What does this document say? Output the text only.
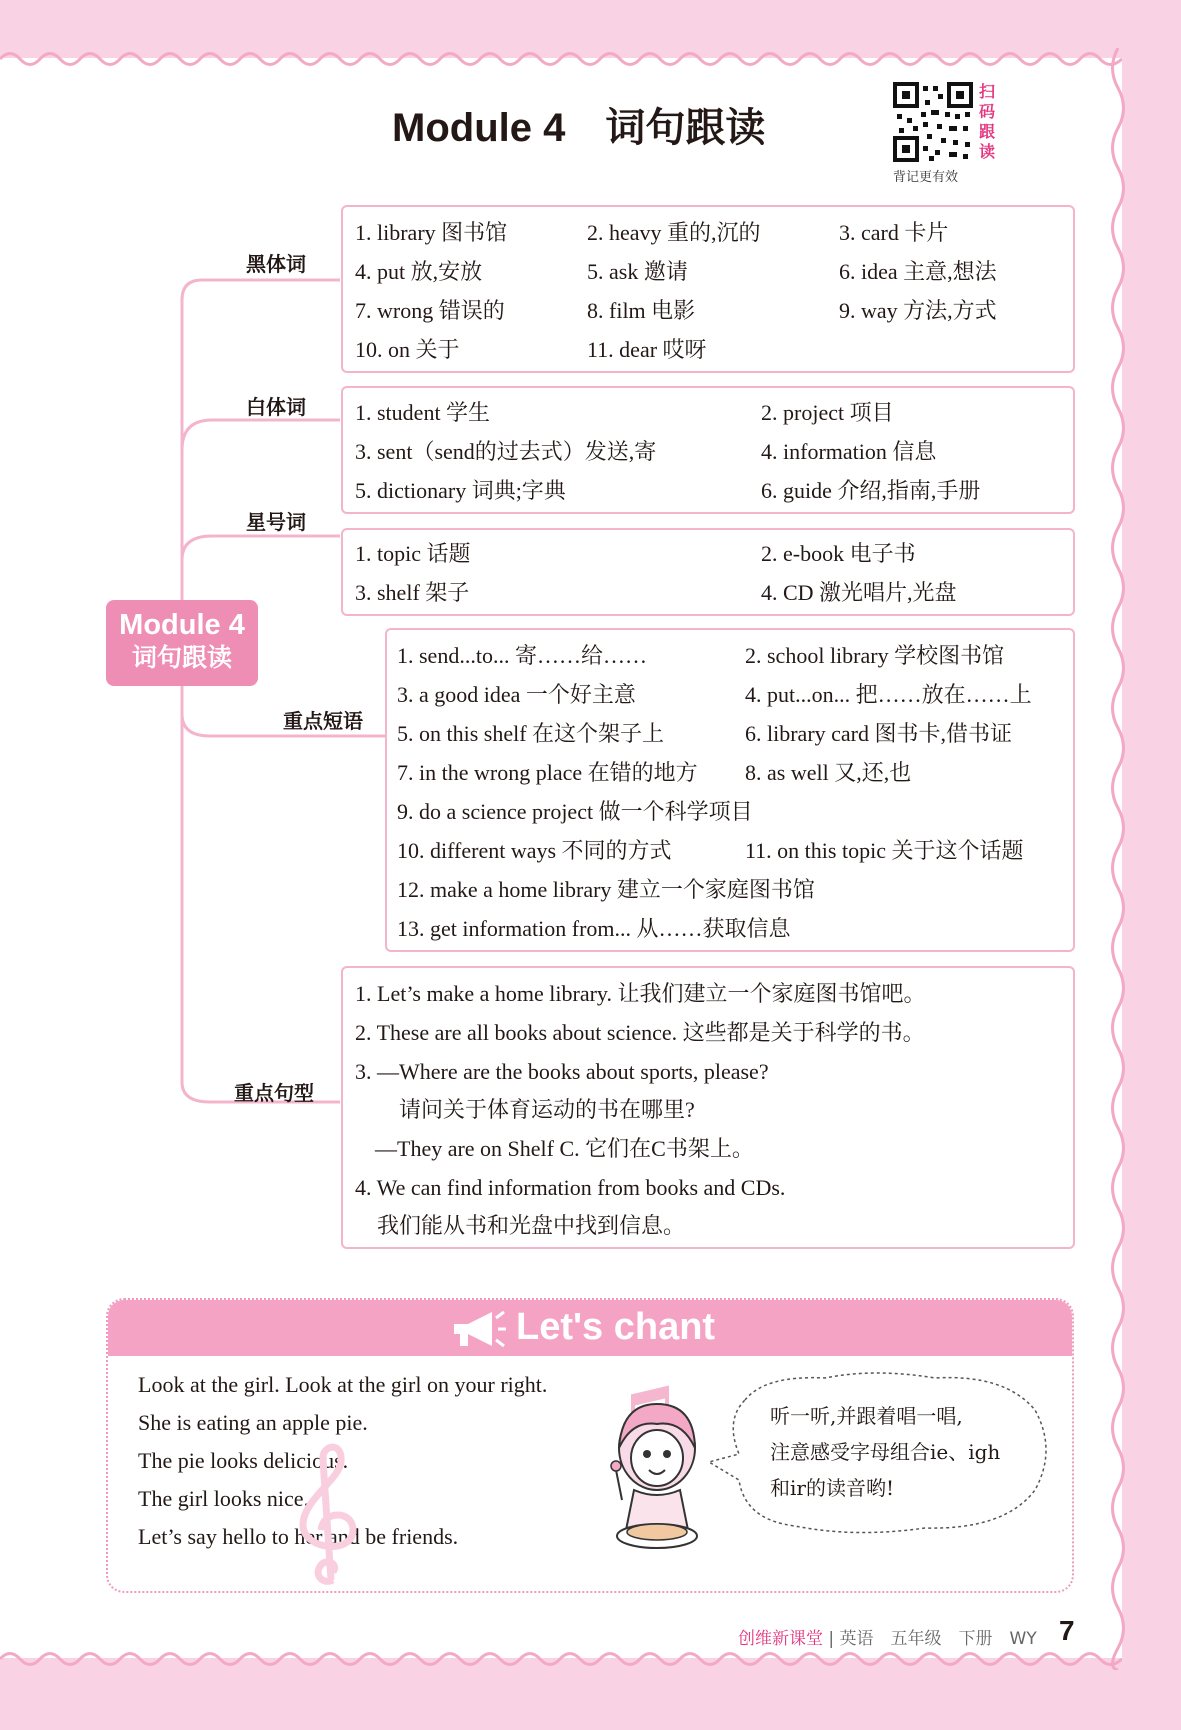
Module 4　词句跟读
扫
码
跟
读
背记更有效
Module 4
词句跟读
黑体词
白体词
星号词
重点短语
重点句型
1. library 图书馆	2. heavy 重的,沉的	3. card 卡片
4. put 放,安放	5. ask 邀请	6. idea 主意,想法
7. wrong 错误的	8. film 电影	9. way 方法,方式
10. on 关于	11. dear 哎呀
1. student 学生	2. project 项目
3. sent（send的过去式）发送,寄	4. information 信息
5. dictionary 词典;字典	6. guide 介绍,指南,手册
1. topic 话题	2. e-book 电子书
3. shelf 架子	4. CD 激光唱片,光盘
1. send...to... 寄……给……	2. school library 学校图书馆
3. a good idea 一个好主意	4. put...on... 把……放在……上
5. on this shelf 在这个架子上	6. library card 图书卡,借书证
7. in the wrong place 在错的地方 8. as well 又,还,也
9. do a science project 做一个科学项目
10. different ways 不同的方式	11. on this topic 关于这个话题
12. make a home library 建立一个家庭图书馆
13. get information from... 从……获取信息
1. Let’s make a home library. 让我们建立一个家庭图书馆吧。
2. These are all books about science. 这些都是关于科学的书。
3. —Where are the books about sports, please?
请问关于体育运动的书在哪里?
—They are on Shelf C. 它们在C书架上。
4. We can find information from books and CDs.
我们能从书和光盘中找到信息。
Let's chant
Look at the girl. Look at the girl on your right.
She is eating an apple pie.
The pie looks delicious.
The girl looks nice.
Let’s say hello to her and be friends.
听一听,并跟着唱一唱,
注意感受字母组合ie、igh
和ir的读音哟!
创维新课堂 | 英语　五年级　下册　WY 7
